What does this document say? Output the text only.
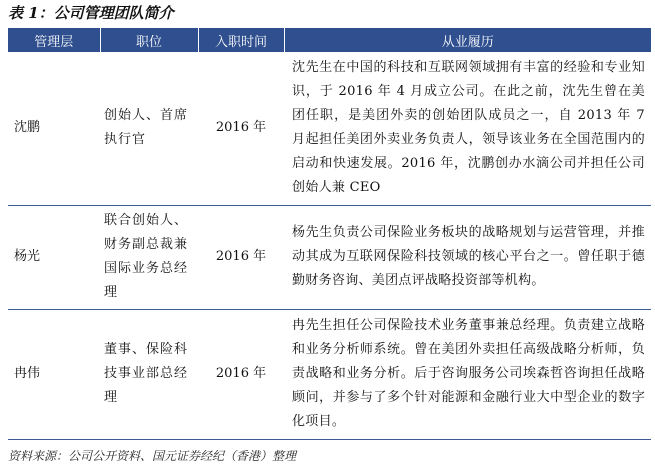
表 1：公司管理团队简介
管理层	职位	入职时间	从业履历
沈鹏	创始人、首席执行官	2016 年	沈先生在中国的科技和互联网领域拥有丰富的经验和专业知识，于 2016 年 4 月成立公司。在此之前，沈先生曾在美团任职，是美团外卖的创始团队成员之一，自 2013 年 7 月起担任美团外卖业务负责人，领导该业务在全国范围内的启动和快速发展。2016 年，沈鹏创办水滴公司并担任公司创始人兼 CEO
杨光	联合创始人、财务副总裁兼国际业务总经理	2016 年	杨先生负责公司保险业务板块的战略规划与运营管理，并推动其成为互联网保险科技领域的核心平台之一。曾任职于德勤财务咨询、美团点评战略投资部等机构。
冉伟	董事、保险科技事业部总经理	2016 年	冉先生担任公司保险技术业务董事兼总经理。负责建立战略和业务分析师系统。曾在美团外卖担任高级战略分析师，负责战略和业务分析。后于咨询服务公司埃森哲咨询担任战略顾问，并参与了多个针对能源和金融行业大中型企业的数字化项目。
资料来源：公司公开资料、国元证券经纪（香港）整理
